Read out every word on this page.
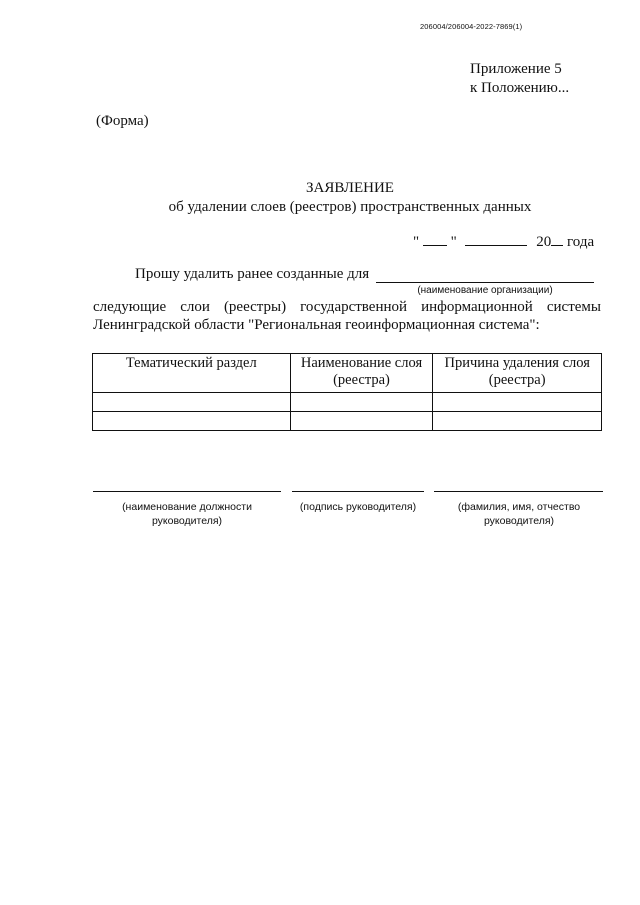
206004/206004-2022-7869(1)
Приложение 5
к Положению...
(Форма)
ЗАЯВЛЕНИЕ
об удалении слоев (реестров) пространственных данных
" "	20 года
Прошу удалить ранее созданные для
(наименование организации)
следующие слои (реестры) государственной информационной системы
Ленинградской области "Региональная геоинформационная система":
Тематический раздел	Наименование слоя (реестра)	Причина удаления слоя (реестра)

(наименование должности руководителя)
(подпись руководителя)	(фамилия, имя, отчество руководителя)
